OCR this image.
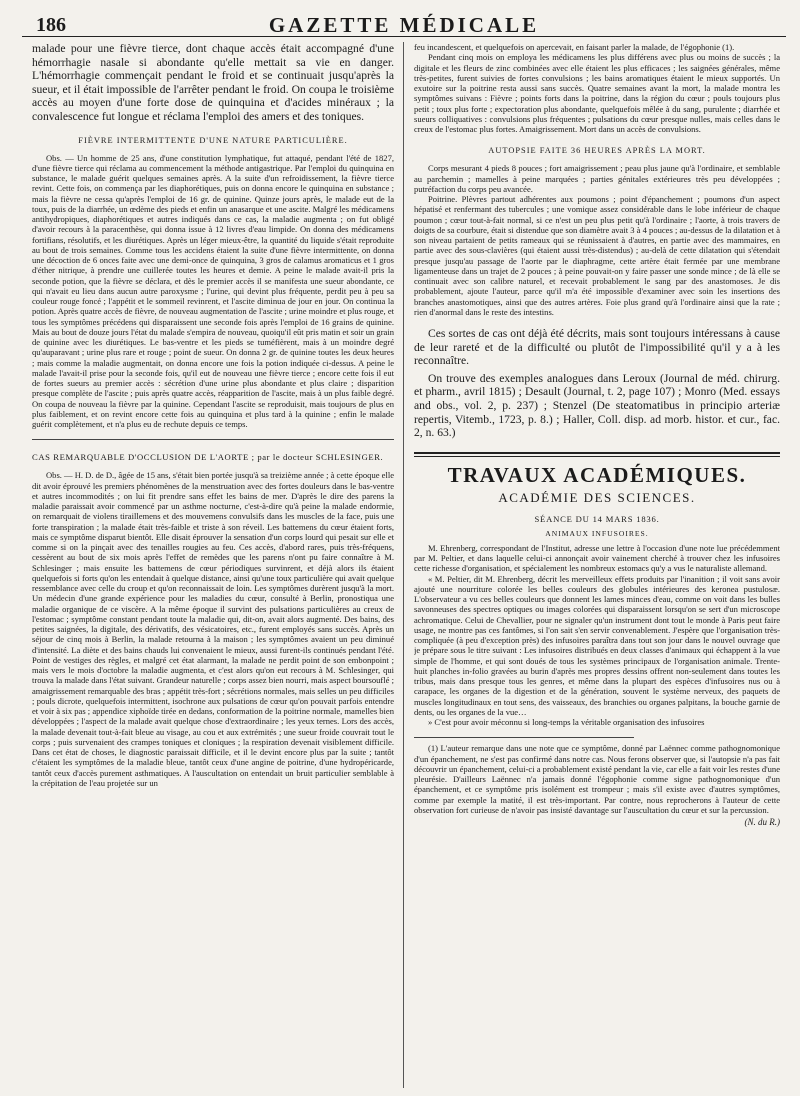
186	GAZETTE MÉDICALE

malade pour une fièvre tierce, dont chaque accès était accompagné d'une hémorrhagie nasale si abondante qu'elle mettait sa vie en danger. L'hémorrhagie commençait pendant le froid et se continuait jusqu'après la sueur, et il était impossible de l'arrêter pendant le froid. On coupa le troisième accès au moyen d'une forte dose de quinquina et d'acides minéraux ; la convalescence fut longue et réclama l'emploi des amers et des toniques.

FIÈVRE INTERMITTENTE D'UNE NATURE PARTICULIÈRE.

Obs. — Un homme de 25 ans, d'une constitution lymphatique, fut attaqué, pendant l'été de 1827, d'une fièvre tierce qui réclama au commencement la méthode antigastrique. Par l'emploi du quinquina en substance, le malade guérit quelques semaines après. A la suite d'un refroidissement, la fièvre tierce revint. Cette fois, on commença par les diaphorétiques, puis on donna encore le quinquina en substance ; mais la fièvre ne cessa qu'après l'emploi de 16 gr. de quinine. Quinze jours après, le malade eut de la toux, puis de la diarrhée, un œdème des pieds et enfin un anasarque et une ascite. Malgré les médicamens antihydropiques, diaphorétiques et autres indiqués dans ce cas, la maladie augmenta ; on fut obligé d'avoir recours à la paracenthèse, qui donna issue à 12 livres d'eau limpide. On donna des médicamens fortifians, résolutifs, et les diurétiques. Après un léger mieux-être, la quantité du liquide s'était reproduite au bout de trois semaines. Comme tous les accidens étaient la suite d'une fièvre intermittente, on donna une décoction de 6 onces faite avec une demi-once de quinquina, 3 gros de calamus aromaticus et 1 gros d'éther nitrique, à prendre une cuillerée toutes les heures et demie. A peine le malade avait-il pris la seconde potion, que la fièvre se déclara, et dès le premier accès il se manifesta une sueur abondante, ce qui n'avait eu lieu dans aucun autre paroxysme ; l'urine, qui devint plus fréquente, perdit peu à peu sa couleur rouge foncé ; l'appétit et le sommeil revinrent, et l'ascite diminua de jour en jour. On continua la potion. Après quatre accès de fièvre, de nouveau augmentation de l'ascite ; urine moindre et plus rouge, et tous les symptômes précédens qui disparaissent une seconde fois après l'emploi de 16 grains de quinine. Mais au bout de douze jours l'état du malade s'empira de nouveau, quoiqu'il eût pris matin et soir un grain de quinine avec les diurétiques. Le bas-ventre et les pieds se tuméfièrent, mais à un moindre degré qu'auparavant ; urine plus rare et rouge ; point de sueur. On donna 2 gr. de quinine toutes les deux heures ; mais comme la maladie augmentait, on donna encore une fois la potion indiquée ci-dessus. A peine le malade l'avait-il prise pour la seconde fois, qu'il eut de nouveau une fièvre tierce ; encore cette fois il eut de fortes sueurs au premier accès : sécrétion d'une urine plus abondante et plus claire ; disparition presque complète de l'ascite ; puis après quatre accès, réapparition de l'ascite, mais à un plus faible degré. On coupa de nouveau la fièvre par la quinine. Cependant l'ascite se reproduisit, mais toujours de plus en plus faiblement, et on revint encore cette fois au quinquina et plus tard à la quinine ; enfin le malade guérit complètement, et n'a plus eu de rechute depuis ce temps.

CAS REMARQUABLE D'OCCLUSION DE L'AORTE ; par le docteur SCHLESINGER.

Obs. — H. D. de D., âgée de 15 ans, s'était bien portée jusqu'à sa treizième année ; à cette époque elle dit avoir éprouvé les premiers phénomènes de la menstruation avec des fortes douleurs dans le bas-ventre et autres incommodités ; on lui fit prendre sans effet les bains de mer. D'après le dire des parens la maladie paraissait avoir commencé par un asthme nocturne, c'est-à-dire qu'à peine la malade endormie, on remarquait de violens tiraillemens et des mouvemens convulsifs dans les muscles de la face, puis une forte transpiration ; la malade était très-faible et triste à son réveil. Les battemens du cœur étaient forts, mais ce symptôme disparut bientôt. Elle disait éprouver la sensation d'un corps lourd qui pesait sur elle et comme si on la pinçait avec des tenailles rougies au feu. Ces accès, d'abord rares, puis très-fréquens, cessèrent au bout de six mois après l'effet de remèdes que les parens n'ont pu faire connaître à M. Schlesinger ; mais ensuite les battemens de cœur périodiques survinrent, et déjà alors ils étaient quelquefois si forts qu'on les entendait à quelque distance, ainsi qu'une toux particulière qui avait quelque ressemblance avec celle du croup et qu'on reconnaissait de loin. Les symptômes durèrent jusqu'à la mort. Un médecin d'une grande expérience pour les maladies du cœur, consulté à Berlin, pronostiqua une maladie organique de ce viscère. A la même époque il survint des pulsations particulières au creux de l'estomac ; symptôme constant pendant toute la maladie qui, dit-on, avait alors augmenté. Des bains, des petites saignées, la digitale, des dérivatifs, des vésicatoires, etc., furent employés sans succès. Après un séjour de cinq mois à Berlin, la malade retourna à la maison ; les symptômes avaient un peu diminué d'intensité. La diète et des bains chauds lui convenaient le mieux, aussi furent-ils continués pendant l'été. Point de vestiges des règles, et malgré cet état alarmant, la malade ne perdit point de son embonpoint ; mais vers le mois d'octobre la maladie augmenta, et c'est alors qu'on eut recours à M. Schlesinger, qui trouva la malade dans l'état suivant. Grandeur naturelle ; corps assez bien nourri, mais aspect boursouflé ; amaigrissement remarquable des bras ; appétit très-fort ; sécrétions normales, mais selles un peu difficiles ; pouls dicrote, quelquefois intermittent, isochrone aux pulsations de cœur qu'on pouvait parfois entendre et voir à six pas ; appendice xiphoïde tirée en dedans, conformation de la poitrine normale, mamelles bien développées ; l'aspect de la malade avait quelque chose d'extraordinaire ; les yeux ternes. Lors des accès, la malade devenait tout-à-fait bleue au visage, au cou et aux extrémités ; une sueur froide couvrait tout le corps ; puis survenaient des crampes toniques et cloniques ; la respiration devenait visiblement difficile. Dans cet état de choses, le diagnostic paraissait difficile, et il le devint encore plus par la suite ; tantôt c'étaient les symptômes de la maladie bleue, tantôt ceux d'une angine de poitrine, d'une hydropéricarde, tantôt ceux d'accès purement asthmatiques. A l'auscultation on entendait un bruit particulier semblable à la crépitation de l'eau projetée sur un

feu incandescent, et quelquefois on apercevait, en faisant parler la malade, de l'égophonie (1).

Pendant cinq mois on employa les médicamens les plus différens avec plus ou moins de succès ; la digitale et les fleurs de zinc combinées avec elle étaient les plus efficaces ; les saignées générales, même très-petites, furent suivies de fortes convulsions ; les bains aromatiques étaient le mieux supportés. Un exutoire sur la poitrine resta aussi sans succès. Quatre semaines avant la mort, la malade montra les symptômes suivans : Fièvre ; points forts dans la poitrine, dans la région du cœur ; pouls toujours plus petit ; toux plus forte ; expectoration plus abondante, quelquefois mêlée à du sang, purulente ; diarrhée et sueurs colliquatives : convulsions plus fréquentes ; pulsations du cœur presque nulles, mais celles dans le creux de l'estomac plus fortes. Amaigrissement. Mort dans un accès de convulsions.

AUTOPSIE FAITE 36 HEURES APRÈS LA MORT.

Corps mesurant 4 pieds 8 pouces ; fort amaigrissement ; peau plus jaune qu'à l'ordinaire, et semblable au parchemin ; mamelles à peine marquées ; parties génitales extérieures très peu développées ; putréfaction du corps peu avancée.

Poitrine. Plèvres partout adhérentes aux poumons ; point d'épanchement ; poumons d'un aspect hépatisé et renfermant des tubercules ; une vomique assez considérable dans le lobe inférieur de chaque poumon ; cœur tout-à-fait normal, si ce n'est un peu plus petit qu'à l'ordinaire ; l'aorte, à trois travers de doigts de sa courbure, était si distendue que son diamètre avait 3 à 4 pouces ; au-dessus de la dilatation et à son niveau partaient de petits rameaux qui se réunissaient à d'autres, en partie avec des mammaires, en partie avec des sous-clavières (qui étaient aussi très-distendus) ; au-delà de cette dilatation qui s'étendait presque jusqu'au passage de l'aorte par le diaphragme, cette artère était fermée par une membrane ligamenteuse dans un trajet de 2 pouces ; à peine pouvait-on y faire passer une sonde mince ; de là elle se continuait avec son calibre naturel, et recevait probablement le sang par des anastomoses. Je dis probablement, ajoute l'auteur, parce qu'il m'a été impossible d'examiner avec soin les insertions des branches anastomotiques, ainsi que des autres artères. Foie plus grand qu'à l'ordinaire ainsi que la rate ; rien d'anormal dans le reste des intestins.

Ces sortes de cas ont déjà été décrits, mais sont toujours intéressans à cause de leur rareté et de la difficulté ou plutôt de l'impossibilité qu'il y a à les reconnaître.

On trouve des exemples analogues dans Leroux (Journal de méd. chirurg. et pharm., avril 1815) ; Desault (Journal, t. 2, page 107) ; Monro (Med. essays and obs., vol. 2, p. 237) ; Stenzel (De steatomatibus in principio arteriæ repertis, Vitemb., 1723, p. 8.) ; Haller, Coll. disp. ad morb. histor. et cur., fac. 2, n. 63.)

TRAVAUX ACADÉMIQUES.
ACADÉMIE DES SCIENCES.
SÉANCE DU 14 MARS 1836.
ANIMAUX INFUSOIRES.

M. Ehrenberg, correspondant de l'Institut, adresse une lettre à l'occasion d'une note lue précédemment par M. Peltier, et dans laquelle celui-ci annonçait avoir vainement cherché à trouver chez les infusoires cette richesse d'organisation, et spécialement les nombreux estomacs qu'y a vus le naturaliste allemand.

« M. Peltier, dit M. Ehrenberg, décrit les merveilleux effets produits par l'inanition ; il voit sans avoir ajouté une nourriture colorée les belles couleurs des globules intérieures des keronea pustulosæ. L'observateur a vu ces belles couleurs que donnent les lames minces d'eau, comme on voit dans les bulles savonneuses des spectres optiques ou images colorées qui disparaissent lorsqu'on se sert d'un microscope achromatique. Celui de Chevallier, pour ne signaler qu'un instrument dont tout le monde à Paris peut faire usage, ne montre pas ces fantômes, si l'on sait s'en servir convenablement. J'espère que l'organisation très-compliquée (à peu d'exception près) des infusoires paraîtra dans tout son jour dans le nouvel ouvrage que je prépare sous le titre suivant : Les infusoires distribués en deux classes d'animaux qui échappent à la vue simple de l'homme, et qui sont doués de tous les systèmes principaux de l'organisation animale. Trente-huit planches in-folio gravées au burin d'après mes propres dessins offrent non-seulement dans toutes les tribus, mais dans presque tous les genres, et même dans la plupart des espèces d'infusoires nus ou à carapace, les organes de la digestion et de la génération, souvent le système nerveux, des paquets de muscles longitudinaux en tout sens, des vaisseaux, des branchies ou organes palpitans, la bouche garnie de dents, ou les organes de la vue…

» C'est pour avoir méconnu si long-temps la véritable organisation des infusoires

(1) L'auteur remarque dans une note que ce symptôme, donné par Laënnec comme pathognomonique d'un épanchement, ne s'est pas confirmé dans notre cas. Nous ferons observer que, si l'autopsie n'a pas fait découvrir un épanchement, celui-ci a probablement existé pendant la vie, car elle a fait voir les restes d'une pleurésie. D'ailleurs Laënnec n'a jamais donné l'égophonie comme signe pathognomonique d'un épanchement, et ce symptôme pris isolément est trompeur ; mais s'il existe avec d'autres symptômes, comme par exemple la matité, il est très-important. Par contre, nous reprocherons à l'auteur de cette observation fort curieuse de n'avoir pas insisté davantage sur l'auscultation du cœur et sur la percussion.

(N. du R.)
